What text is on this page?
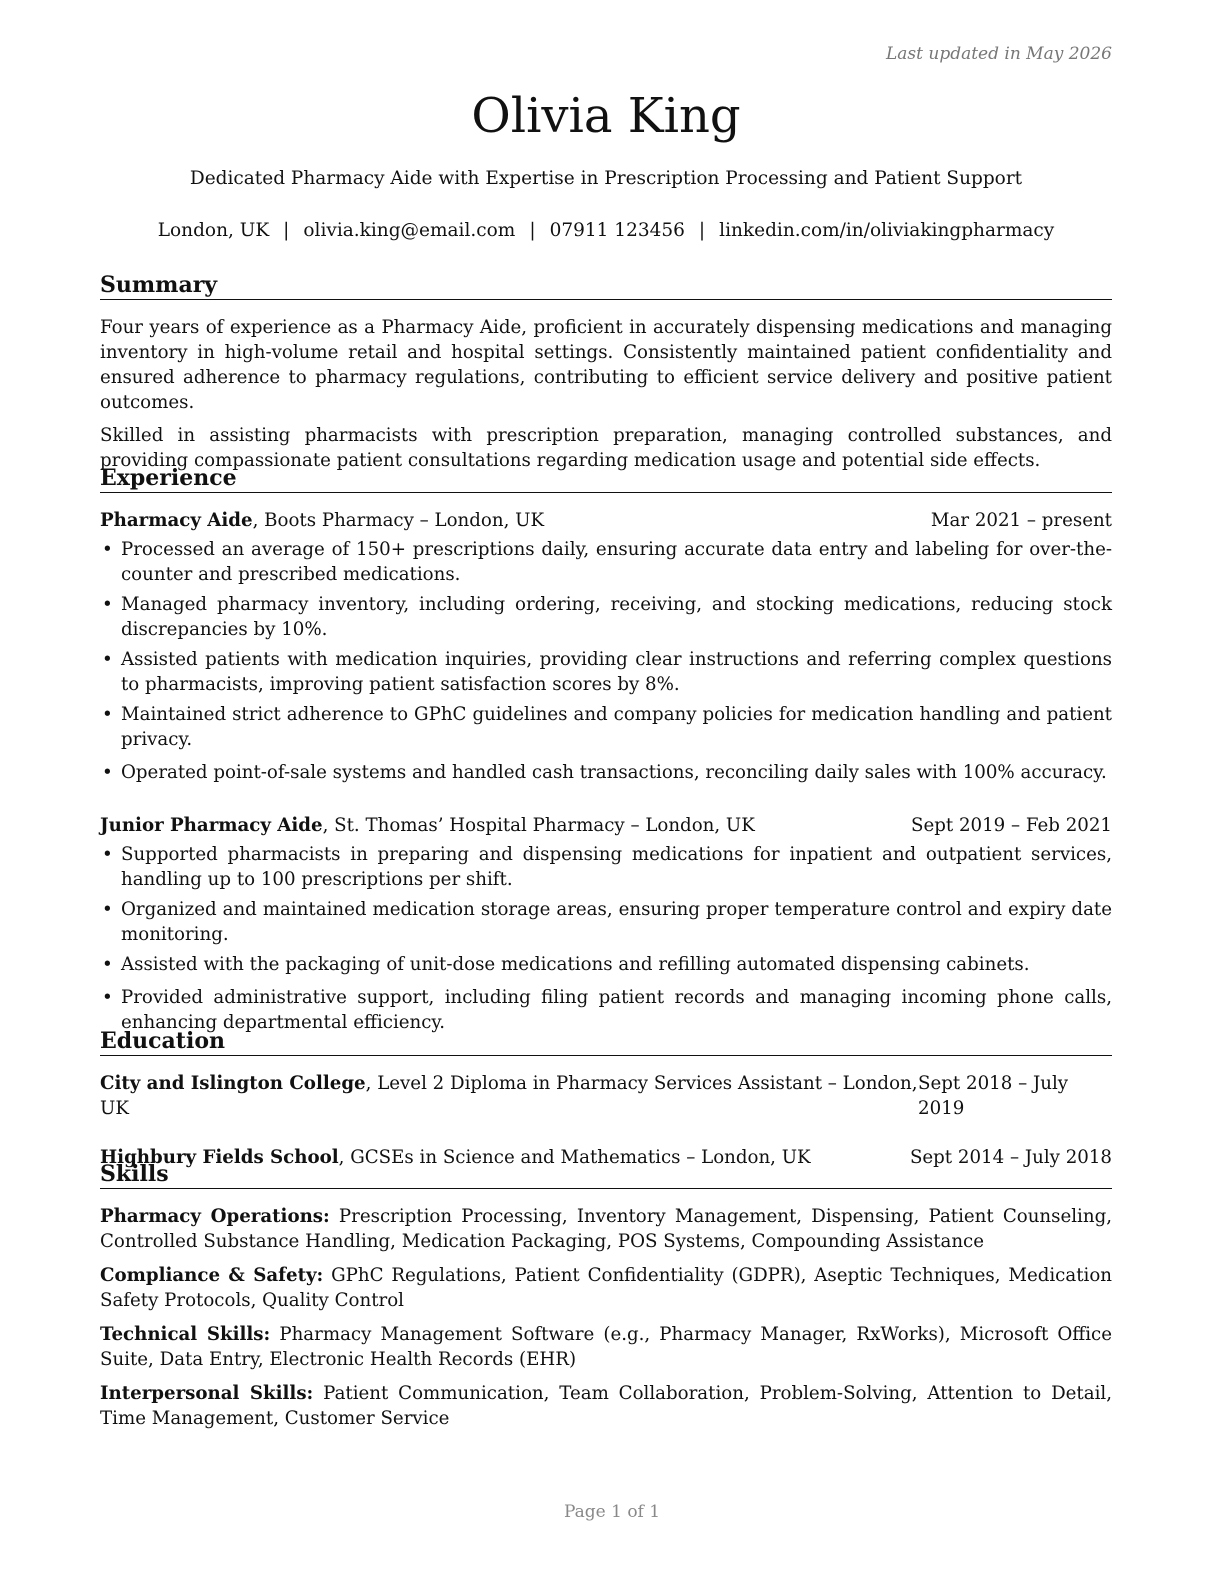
Last updated in May 2026
Olivia King
Dedicated Pharmacy Aide with Expertise in Prescription Processing and Patient Support
London, UK | olivia.king@email.com | 07911 123456 | linkedin.com/in/oliviakingpharmacy
Summary

Four years of experience as a Pharmacy Aide, proficient in accurately dispensing medications and managing inventory in high-volume retail and hospital settings. Consistently maintained patient confidentiality and ensured adherence to pharmacy regulations, contributing to efficient service delivery and positive patient outcomes.

Skilled in assisting pharmacists with prescription preparation, managing controlled substances, and providing compassionate patient consultations regarding medication usage and potential side effects.

Experience
Pharmacy Aide, Boots Pharmacy – London, UK	Mar 2021 – present
• Processed an average of 150+ prescriptions daily, ensuring accurate data entry and labeling for over-the-counter and prescribed medications.
• Managed pharmacy inventory, including ordering, receiving, and stocking medications, reducing stock discrepancies by 10%.
• Assisted patients with medication inquiries, providing clear instructions and referring complex questions to pharmacists, improving patient satisfaction scores by 8%.
• Maintained strict adherence to GPhC guidelines and company policies for medication handling and patient privacy.
• Operated point-of-sale systems and handled cash transactions, reconciling daily sales with 100% accuracy.
Junior Pharmacy Aide, St. Thomas’ Hospital Pharmacy – London, UK	Sept 2019 – Feb 2021
• Supported pharmacists in preparing and dispensing medications for inpatient and outpatient services, handling up to 100 prescriptions per shift.
• Organized and maintained medication storage areas, ensuring proper temperature control and expiry date monitoring.
• Assisted with the packaging of unit-dose medications and refilling automated dispensing cabinets.
• Provided administrative support, including filing patient records and managing incoming phone calls, enhancing departmental efficiency.
Education
City and Islington College, Level 2 Diploma in Pharmacy Services Assistant – London, UK
Sept 2018 – July 2019
Highbury Fields School, GCSEs in Science and Mathematics – London, UK	Sept 2014 – July 2018
Skills

Pharmacy Operations: Prescription Processing, Inventory Management, Dispensing, Patient Counseling, Controlled Substance Handling, Medication Packaging, POS Systems, Compounding Assistance

Compliance & Safety: GPhC Regulations, Patient Confidentiality (GDPR), Aseptic Techniques, Medication Safety Protocols, Quality Control

Technical Skills: Pharmacy Management Software (e.g., Pharmacy Manager, RxWorks), Microsoft Office Suite, Data Entry, Electronic Health Records (EHR)

Interpersonal Skills: Patient Communication, Team Collaboration, Problem-Solving, Attention to Detail, Time Management, Customer Service

Page 1 of 1
